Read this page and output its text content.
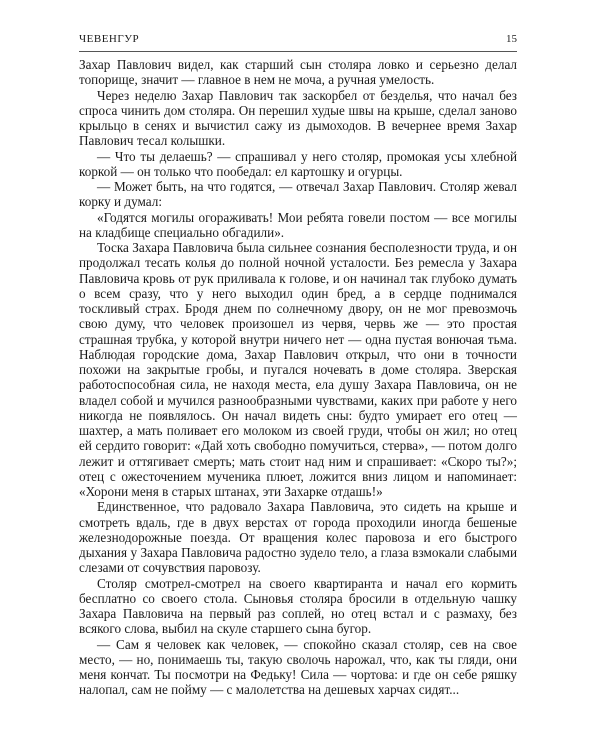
ЧЕВЕНГУР	15

Захар Павлович видел, как старший сын столяра ловко и серьезно делал топорище, значит — главное в нем не моча, а ручная умелость.

Через неделю Захар Павлович так заскорбел от безделья, что начал без спроса чинить дом столяра. Он перешил худые швы на крыше, сделал заново крыльцо в сенях и вычистил сажу из дымоходов. В вечернее время Захар Павлович тесал колышки.

— Что ты делаешь? — спрашивал у него столяр, промокая усы хлебной коркой — он только что пообедал: ел картошку и огурцы.

— Может быть, на что годятся, — отвечал Захар Павлович. Столяр жевал корку и думал:

«Годятся могилы огораживать! Мои ребята говели постом — все могилы на кладбище специально обгадили».

Тоска Захара Павловича была сильнее сознания бесполезности труда, и он продолжал тесать колья до полной ночной усталости. Без ремесла у Захара Павловича кровь от рук приливала к голове, и он начинал так глубоко думать о всем сразу, что у него выходил один бред, а в сердце поднимался тоскливый страх. Бродя днем по солнечному двору, он не мог превозмочь свою думу, что человек произошел из червя, червь же — это простая страшная трубка, у которой внутри ничего нет — одна пустая вонючая тьма. Наблюдая городские дома, Захар Павлович открыл, что они в точности похожи на закрытые гробы, и пугался ночевать в доме столяра. Зверская работоспособная сила, не находя места, ела душу Захара Павловича, он не владел собой и мучился разнообразными чувствами, каких при работе у него никогда не появлялось. Он начал видеть сны: будто умирает его отец — шахтер, а мать поливает его молоком из своей груди, чтобы он жил; но отец ей сердито говорит: «Дай хоть свободно помучиться, стерва», — потом долго лежит и оттягивает смерть; мать стоит над ним и спрашивает: «Скоро ты?»; отец с ожесточением мученика плюет, ложится вниз лицом и напоминает: «Хорони меня в старых штанах, эти Захарке отдашь!»

Единственное, что радовало Захара Павловича, это сидеть на крыше и смотреть вдаль, где в двух верстах от города проходили иногда бешеные железнодорожные поезда. От вращения колес паровоза и его быстрого дыхания у Захара Павловича радостно зудело тело, а глаза взмокали слабыми слезами от сочувствия паровозу.

Столяр смотрел-смотрел на своего квартиранта и начал его кормить бесплатно со своего стола. Сыновья столяра бросили в отдельную чашку Захара Павловича на первый раз соплей, но отец встал и с размаху, без всякого слова, выбил на скуле старшего сына бугор.

— Сам я человек как человек, — спокойно сказал столяр, сев на свое место, — но, понимаешь ты, такую сволочь нарожал, что, как ты гляди, они меня кончат. Ты посмотри на Федьку! Сила — чортова: и где он себе ряшку налопал, сам не пойму — с малолетства на дешевых харчах сидят...
